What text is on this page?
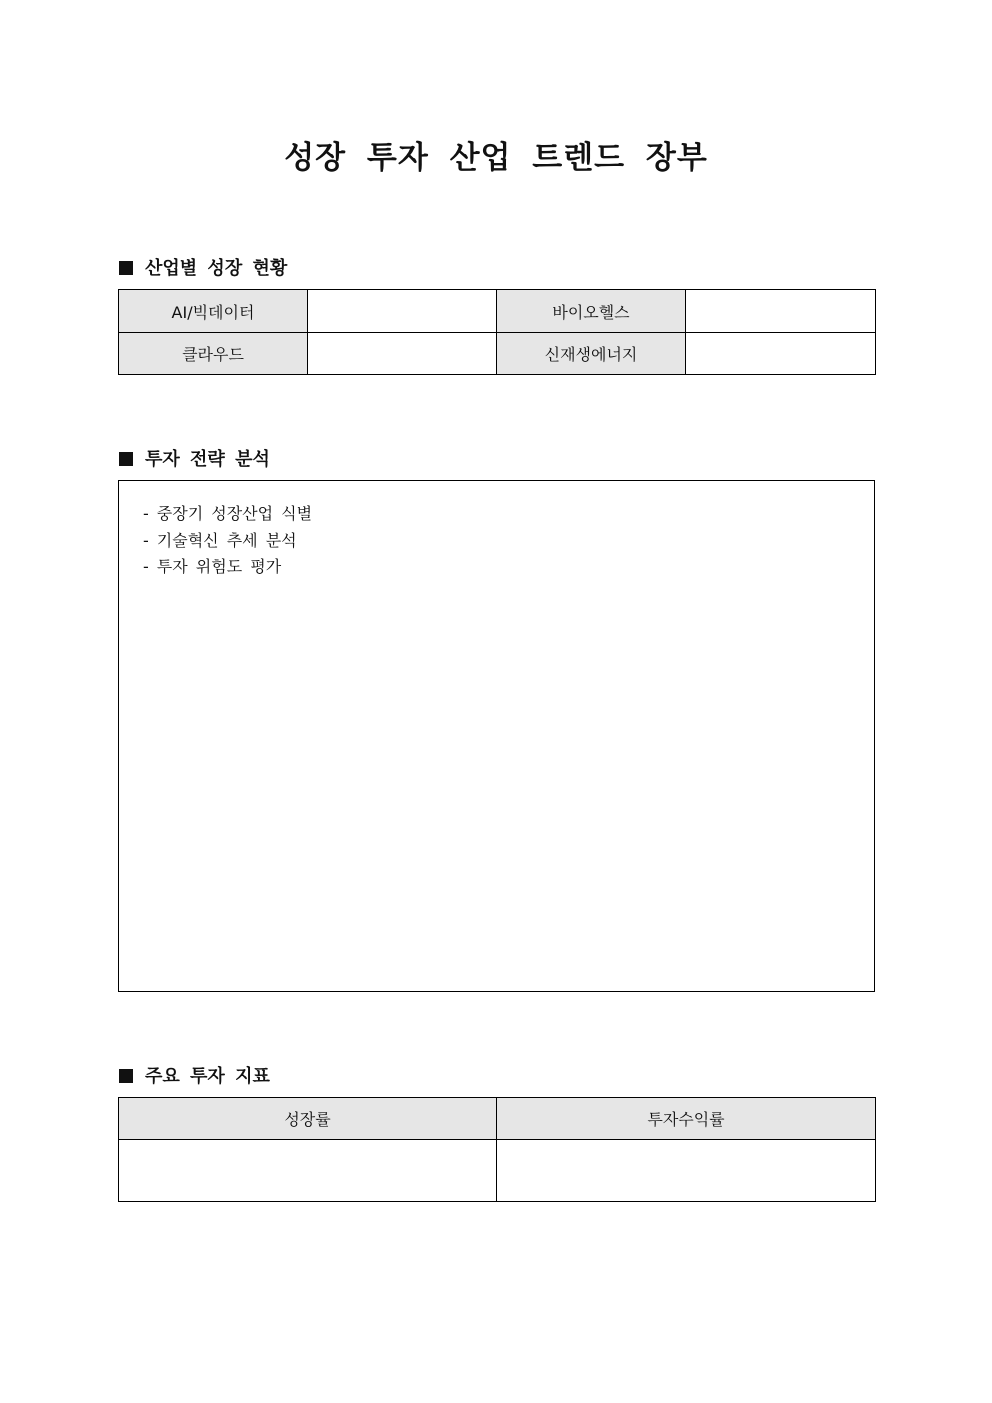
성장 투자 산업 트렌드 장부
산업별 성장 현황
AI/빅데이터		바이오헬스	
클라우드		신재생에너지	
투자 전략 분석
- 중장기 성장산업 식별
- 기술혁신 추세 분석
- 투자 위험도 평가
주요 투자 지표
성장률	투자수익률
